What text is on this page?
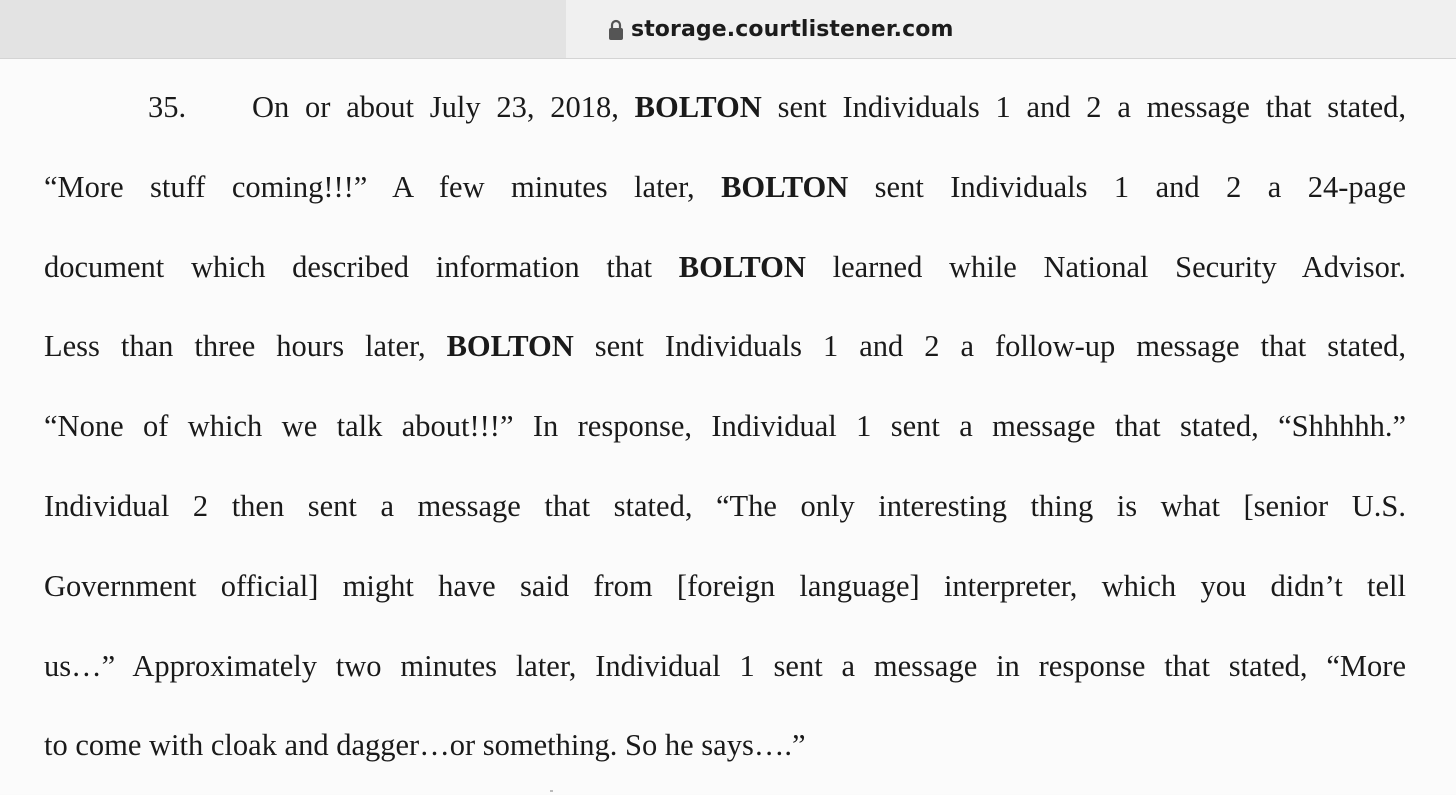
storage.courtlistener.com
35. On or about July 23, 2018, BOLTON sent Individuals 1 and 2 a message that stated,
“More stuff coming!!!” A few minutes later, BOLTON sent Individuals 1 and 2 a 24-page
document which described information that BOLTON learned while National Security Advisor.
Less than three hours later, BOLTON sent Individuals 1 and 2 a follow-up message that stated,
“None of which we talk about!!!” In response, Individual 1 sent a message that stated, “Shhhhh.”
Individual 2 then sent a message that stated, “The only interesting thing is what [senior U.S.
Government official] might have said from [foreign language] interpreter, which you didn’t tell
us…” Approximately two minutes later, Individual 1 sent a message in response that stated, “More
to come with cloak and dagger…or something. So he says….”
